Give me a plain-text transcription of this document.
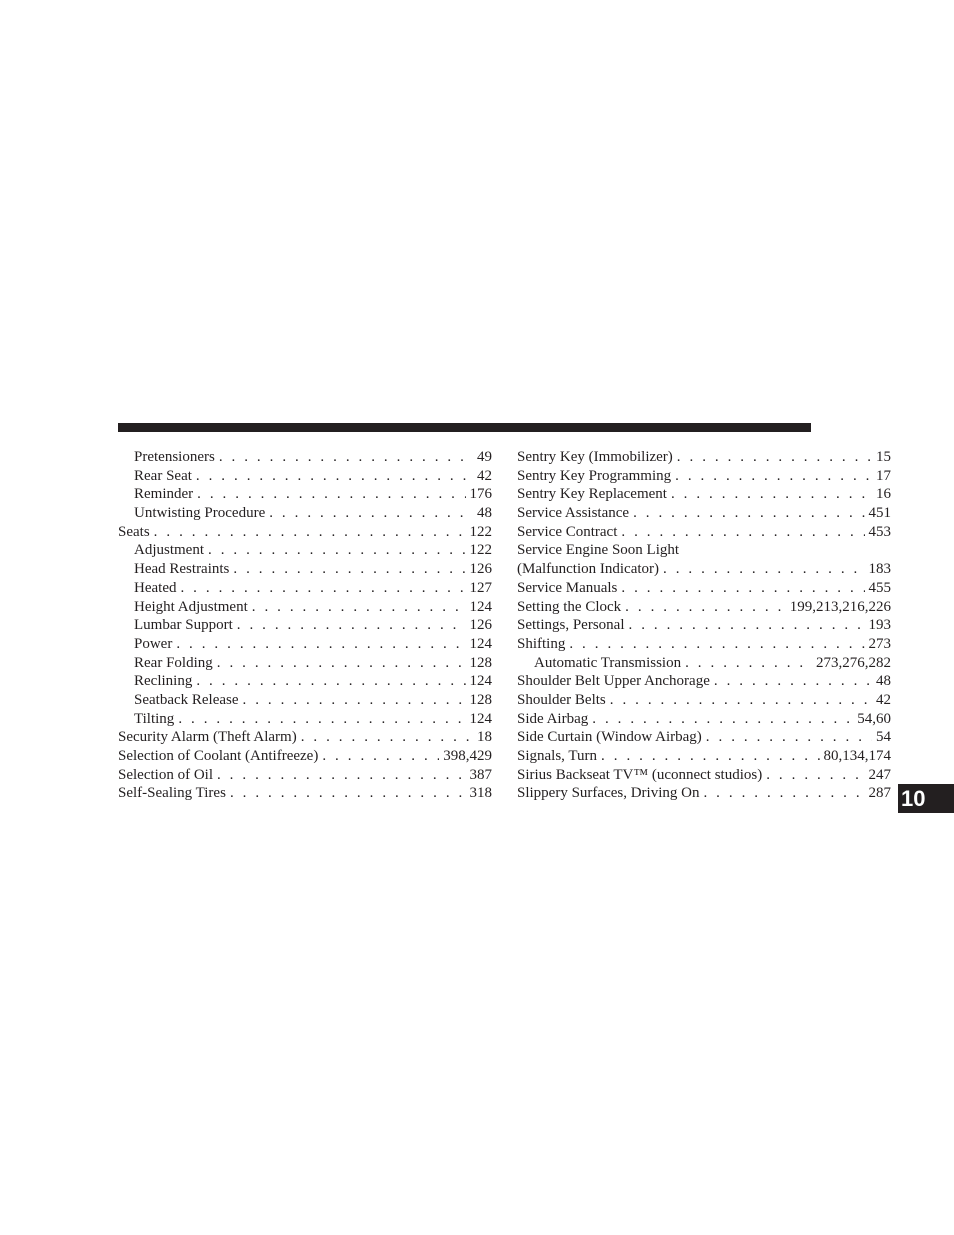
Pretensioners . . .	49
Rear Seat . . .	42
Reminder . . .	176
Untwisting Procedure . . .	48
Seats . . .	122
Adjustment . . .	122
Head Restraints . . .	126
Heated . . .	127
Height Adjustment . . .	124
Lumbar Support . . .	126
Power . . .	124
Rear Folding . . .	128
Reclining . . .	124
Seatback Release . . .	128
Tilting . . .	124
Security Alarm (Theft Alarm) . . .	18
Selection of Coolant (Antifreeze) . . .	398,429
Selection of Oil . . .	387
Self-Sealing Tires . . .	318
Sentry Key (Immobilizer) . . .	15
Sentry Key Programming . . .	17
Sentry Key Replacement . . .	16
Service Assistance . . .	451
Service Contract . . .	453
Service Engine Soon Light
(Malfunction Indicator) . . .	183
Service Manuals . . .	455
Setting the Clock . . .	199,213,216,226
Settings, Personal . . .	193
Shifting . . .	273
Automatic Transmission . . .	273,276,282
Shoulder Belt Upper Anchorage . . .	48
Shoulder Belts . . .	42
Side Airbag . . .	54,60
Side Curtain (Window Airbag) . . .	54
Signals, Turn . . .	80,134,174
Sirius Backseat TV™ (uconnect studios) . . .	247
Slippery Surfaces, Driving On . . .	287 10
